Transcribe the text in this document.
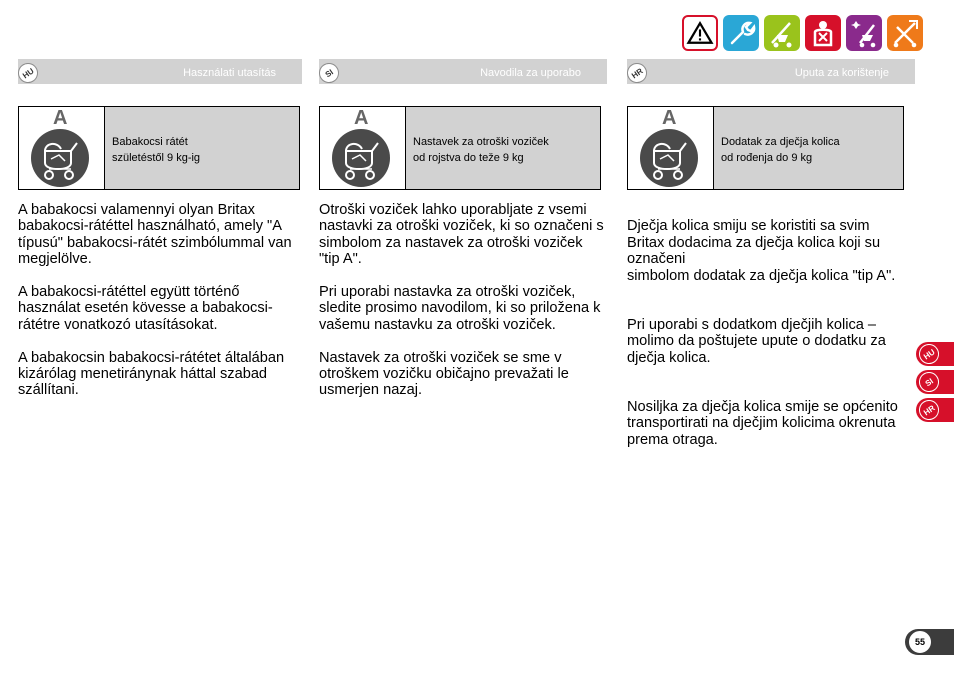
HU	Használati utasítás
A
Babakocsi rátét
születéstől 9 kg-ig

A babakocsi valamennyi olyan Britax babakocsi-rátéttel használható, amely "A típusú" babakocsi-rátét szimbólummal van megjelölve.

A babakocsi-rátéttel együtt történő használat esetén kövesse a babakocsi-rátétre vonatkozó utasításokat.

A babakocsin babakocsi-rátétet általában kizárólag menetiránynak háttal szabad szállítani.

SI	Navodila za uporabo
A
Nastavek za otroški voziček
od rojstva do teže 9 kg

Otroški voziček lahko uporabljate z vsemi nastavki za otroški voziček, ki so označeni s simbolom za nastavek za otroški voziček "tip A".

Pri uporabi nastavka za otroški voziček, sledite prosimo navodilom, ki so priložena k vašemu nastavku za otroški voziček.

Nastavek za otroški voziček se sme v otroškem vozičku običajno prevažati le usmerjen nazaj.

HR	Uputa za korištenje
A
Dodatak za dječja kolica
od rođenja do 9 kg

Dječja kolica smiju se koristiti sa svim Britax dodacima za dječja kolica koji su označeni
simbolom dodatak za dječja kolica "tip A".

Pri uporabi s dodatkom dječjih kolica – molimo da poštujete upute o dodatku za dječja kolica.

Nosiljka za dječja kolica smije se općenito transportirati na dječjim kolicima okrenuta prema otraga.

HU
SI
HR
55
